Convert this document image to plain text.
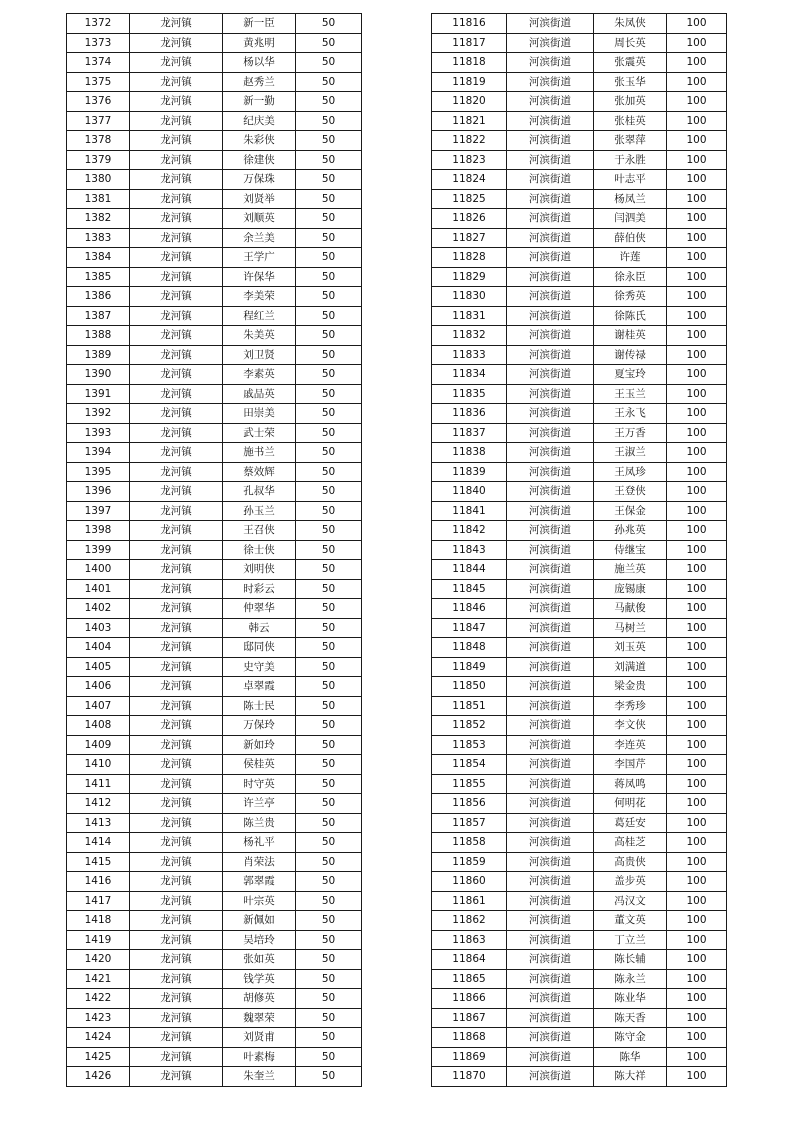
1372	龙河镇	新一臣	50
1373	龙河镇	黄兆明	50
1374	龙河镇	杨以华	50
1375	龙河镇	赵秀兰	50
1376	龙河镇	新一勤	50
1377	龙河镇	纪庆美	50
1378	龙河镇	朱彩侠	50
1379	龙河镇	徐建侠	50
1380	龙河镇	万保珠	50
1381	龙河镇	刘贤举	50
1382	龙河镇	刘顺英	50
1383	龙河镇	余兰美	50
1384	龙河镇	王学广	50
1385	龙河镇	许保华	50
1386	龙河镇	李美荣	50
1387	龙河镇	程红兰	50
1388	龙河镇	朱美英	50
1389	龙河镇	刘卫贤	50
1390	龙河镇	李素英	50
1391	龙河镇	戚品英	50
1392	龙河镇	田崇美	50
1393	龙河镇	武士荣	50
1394	龙河镇	施书兰	50
1395	龙河镇	蔡效辉	50
1396	龙河镇	孔叔华	50
1397	龙河镇	孙玉兰	50
1398	龙河镇	王召侠	50
1399	龙河镇	徐士侠	50
1400	龙河镇	刘明侠	50
1401	龙河镇	时彩云	50
1402	龙河镇	仲翠华	50
1403	龙河镇	韩云	50
1404	龙河镇	邸同侠	50
1405	龙河镇	史守美	50
1406	龙河镇	卓翠霞	50
1407	龙河镇	陈士民	50
1408	龙河镇	万保玲	50
1409	龙河镇	新如玲	50
1410	龙河镇	侯桂英	50
1411	龙河镇	时守英	50
1412	龙河镇	许兰亭	50
1413	龙河镇	陈兰贵	50
1414	龙河镇	杨礼平	50
1415	龙河镇	肖荣法	50
1416	龙河镇	郭翠霞	50
1417	龙河镇	叶宗英	50
1418	龙河镇	新佩如	50
1419	龙河镇	吴培玲	50
1420	龙河镇	张如英	50
1421	龙河镇	钱学英	50
1422	龙河镇	胡修英	50
1423	龙河镇	魏翠荣	50
1424	龙河镇	刘贤甫	50
1425	龙河镇	叶素梅	50
1426	龙河镇	朱奎兰	50
11816	河滨街道	朱凤侠	100
11817	河滨街道	周长英	100
11818	河滨街道	张震英	100
11819	河滨街道	张玉华	100
11820	河滨街道	张加英	100
11821	河滨街道	张桂英	100
11822	河滨街道	张翠萍	100
11823	河滨街道	于永胜	100
11824	河滨街道	叶志平	100
11825	河滨街道	杨凤兰	100
11826	河滨街道	闫泗美	100
11827	河滨街道	薛伯侠	100
11828	河滨街道	许莲	100
11829	河滨街道	徐永臣	100
11830	河滨街道	徐秀英	100
11831	河滨街道	徐陈氏	100
11832	河滨街道	谢桂英	100
11833	河滨街道	谢传禄	100
11834	河滨街道	夏宝玲	100
11835	河滨街道	王玉兰	100
11836	河滨街道	王永飞	100
11837	河滨街道	王万香	100
11838	河滨街道	王淑兰	100
11839	河滨街道	王凤珍	100
11840	河滨街道	王登侠	100
11841	河滨街道	王保金	100
11842	河滨街道	孙兆英	100
11843	河滨街道	侍继宝	100
11844	河滨街道	施兰英	100
11845	河滨街道	庞锡康	100
11846	河滨街道	马献俊	100
11847	河滨街道	马树兰	100
11848	河滨街道	刘玉英	100
11849	河滨街道	刘满道	100
11850	河滨街道	梁金贵	100
11851	河滨街道	李秀珍	100
11852	河滨街道	李文侠	100
11853	河滨街道	李连英	100
11854	河滨街道	李国芹	100
11855	河滨街道	蒋凤鸣	100
11856	河滨街道	何明花	100
11857	河滨街道	葛廷安	100
11858	河滨街道	高桂芝	100
11859	河滨街道	高贵侠	100
11860	河滨街道	盖步英	100
11861	河滨街道	冯汉文	100
11862	河滨街道	董文英	100
11863	河滨街道	丁立兰	100
11864	河滨街道	陈长辅	100
11865	河滨街道	陈永兰	100
11866	河滨街道	陈业华	100
11867	河滨街道	陈天香	100
11868	河滨街道	陈守金	100
11869	河滨街道	陈华	100
11870	河滨街道	陈大祥	100
